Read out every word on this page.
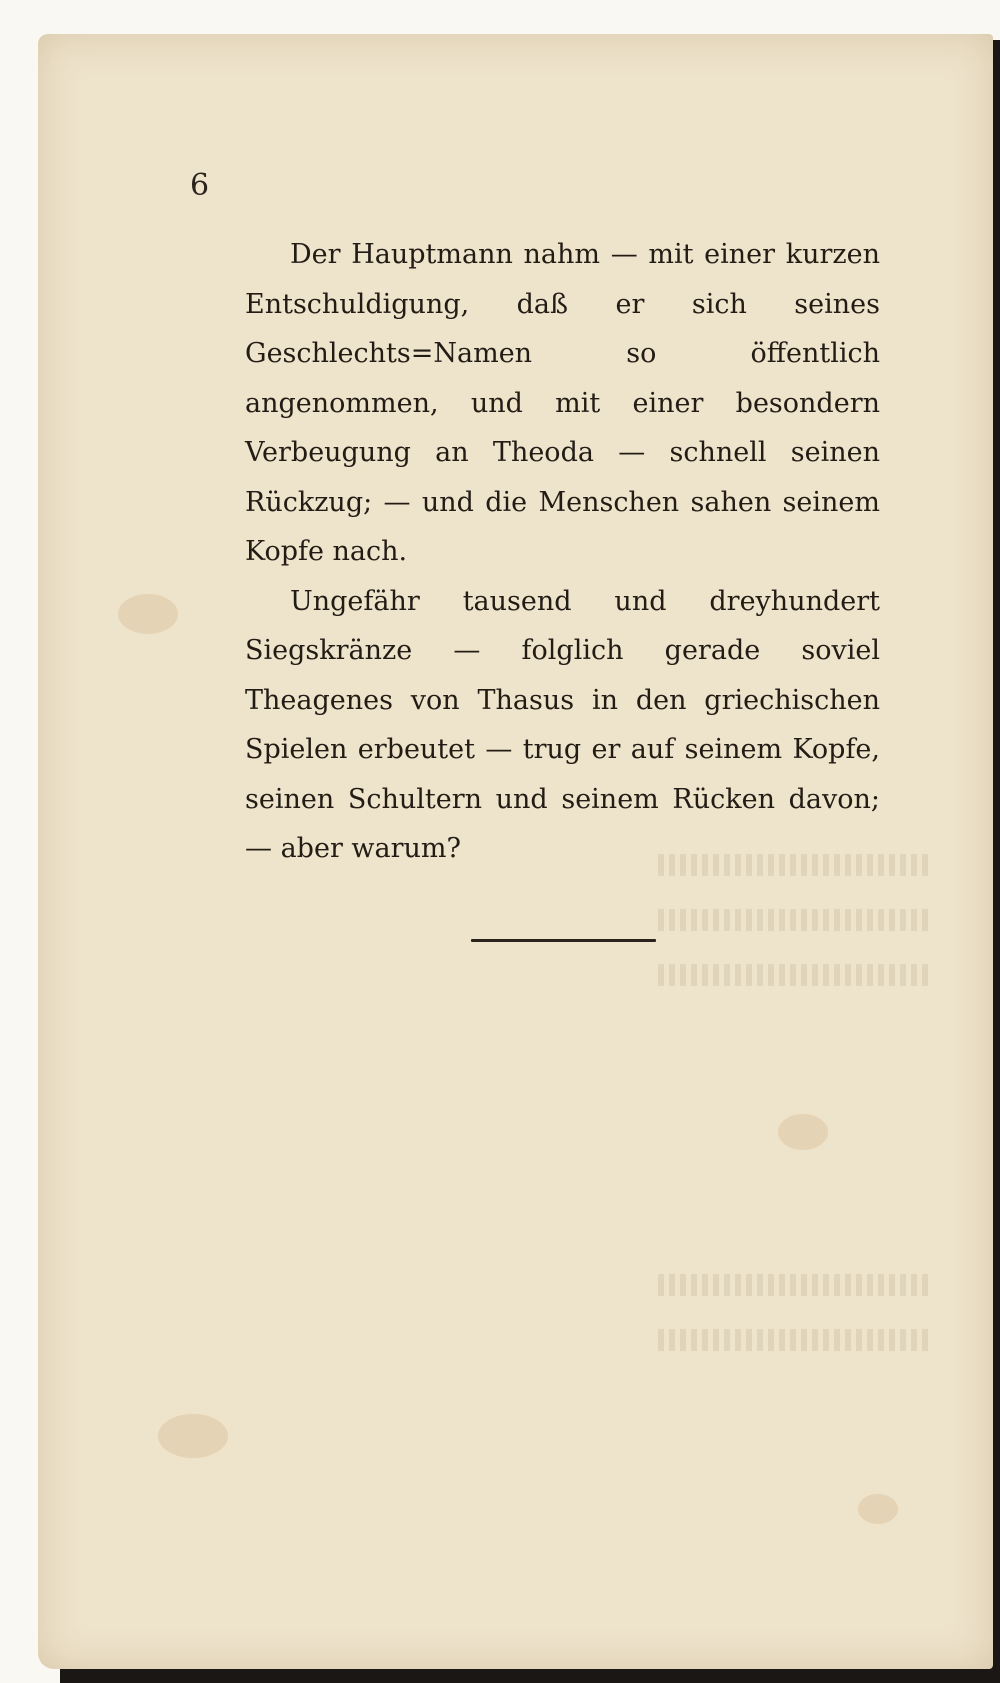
6

Der Hauptmann nahm — mit einer kurzen Entschuldigung, daß er sich seines Geschlechts=Namen so öffentlich angenommen, und mit einer besondern Verbeugung an Theoda — schnell seinen Rückzug; — und die Menschen sahen seinem Kopfe nach.

Ungefähr tausend und dreyhundert Siegskränze — folglich gerade soviel Theagenes von Thasus in den griechischen Spielen erbeutet — trug er auf seinem Kopfe, seinen Schultern und seinem Rücken davon; — aber warum?
